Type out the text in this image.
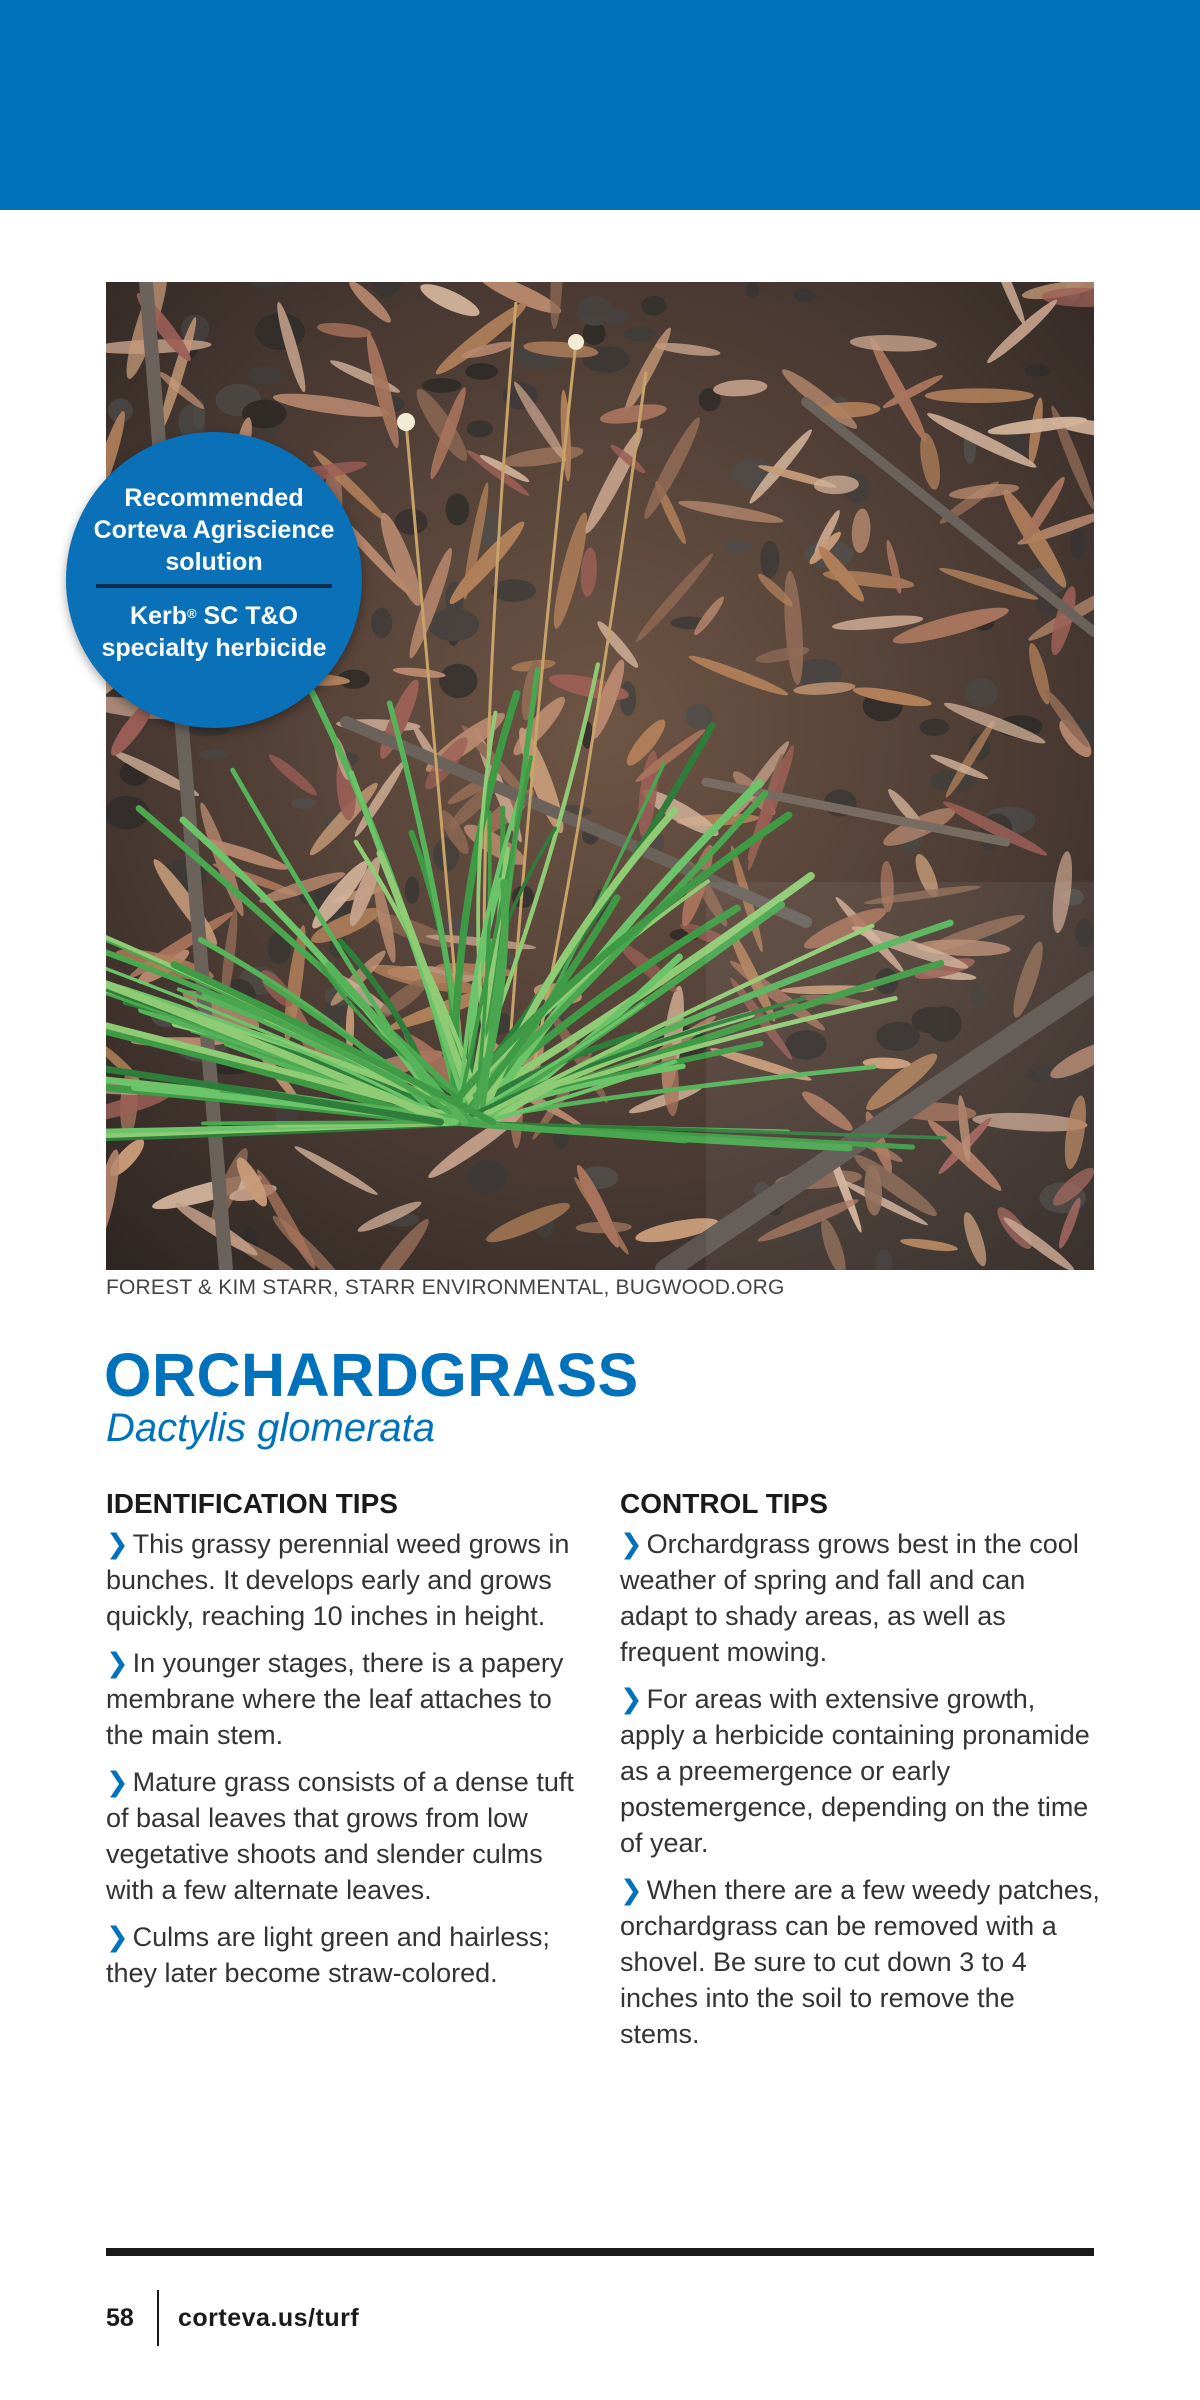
Recommended Corteva Agriscience solution
Kerb® SC T&O specialty herbicide
FOREST & KIM STARR, STARR ENVIRONMENTAL, BUGWOOD.ORG
ORCHARDGRASS
Dactylis glomerata
IDENTIFICATION TIPS

❯ This grassy perennial weed grows in bunches. It develops early and grows quickly, reaching 10 inches in height.

❯ In younger stages, there is a papery membrane where the leaf attaches to the main stem.

❯ Mature grass consists of a dense tuft of basal leaves that grows from low vegetative shoots and slender culms with a few alternate leaves.

❯ Culms are light green and hairless; they later become straw-colored.

CONTROL TIPS

❯ Orchardgrass grows best in the cool weather of spring and fall and can adapt to shady areas, as well as frequent mowing.

❯ For areas with extensive growth, apply a herbicide containing pronamide as a preemergence or early postemergence, depending on the time of year.

❯ When there are a few weedy patches, orchardgrass can be removed with a shovel. Be sure to cut down 3 to 4 inches into the soil to remove the stems.

58 corteva.us/turf
